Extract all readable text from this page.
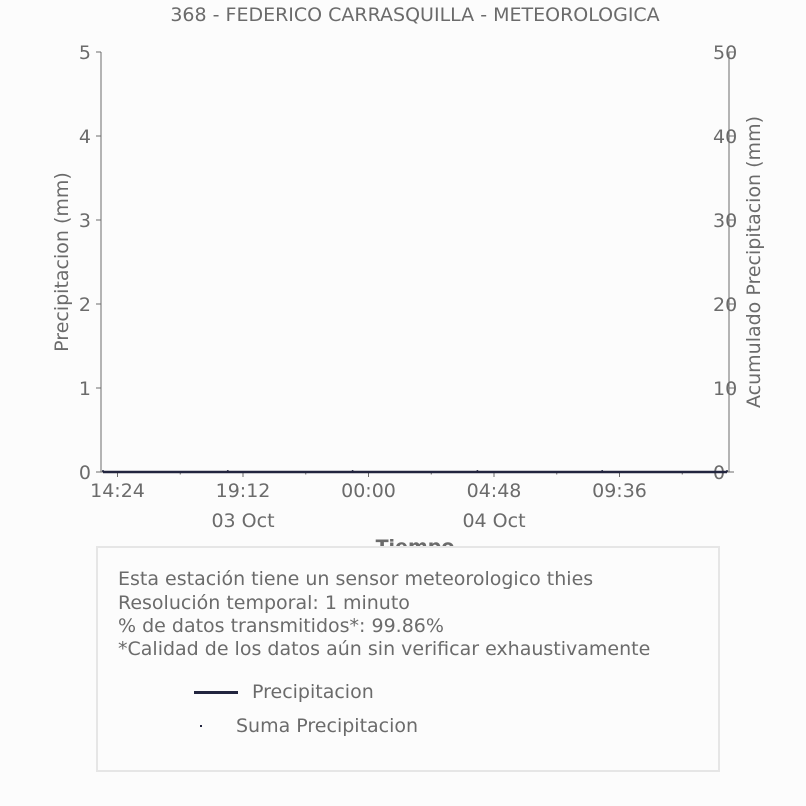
368 - FEDERICO CARRASQUILLA - METEOROLOGICA
0
1
2
3
4
5
0
10
20
30
40
50
14:24	19:12	00:00	04:48	09:36
03 Oct	04 Oct
Precipitacion (mm)	Acumulado Precipitacion (mm)
Esta estación tiene un sensor meteorologico thies
Resolución temporal: 1 minuto
% de datos transmitidos*: 99.86%
*Calidad de los datos aún sin verificar exhaustivamente
Precipitacion
Suma Precipitacion
